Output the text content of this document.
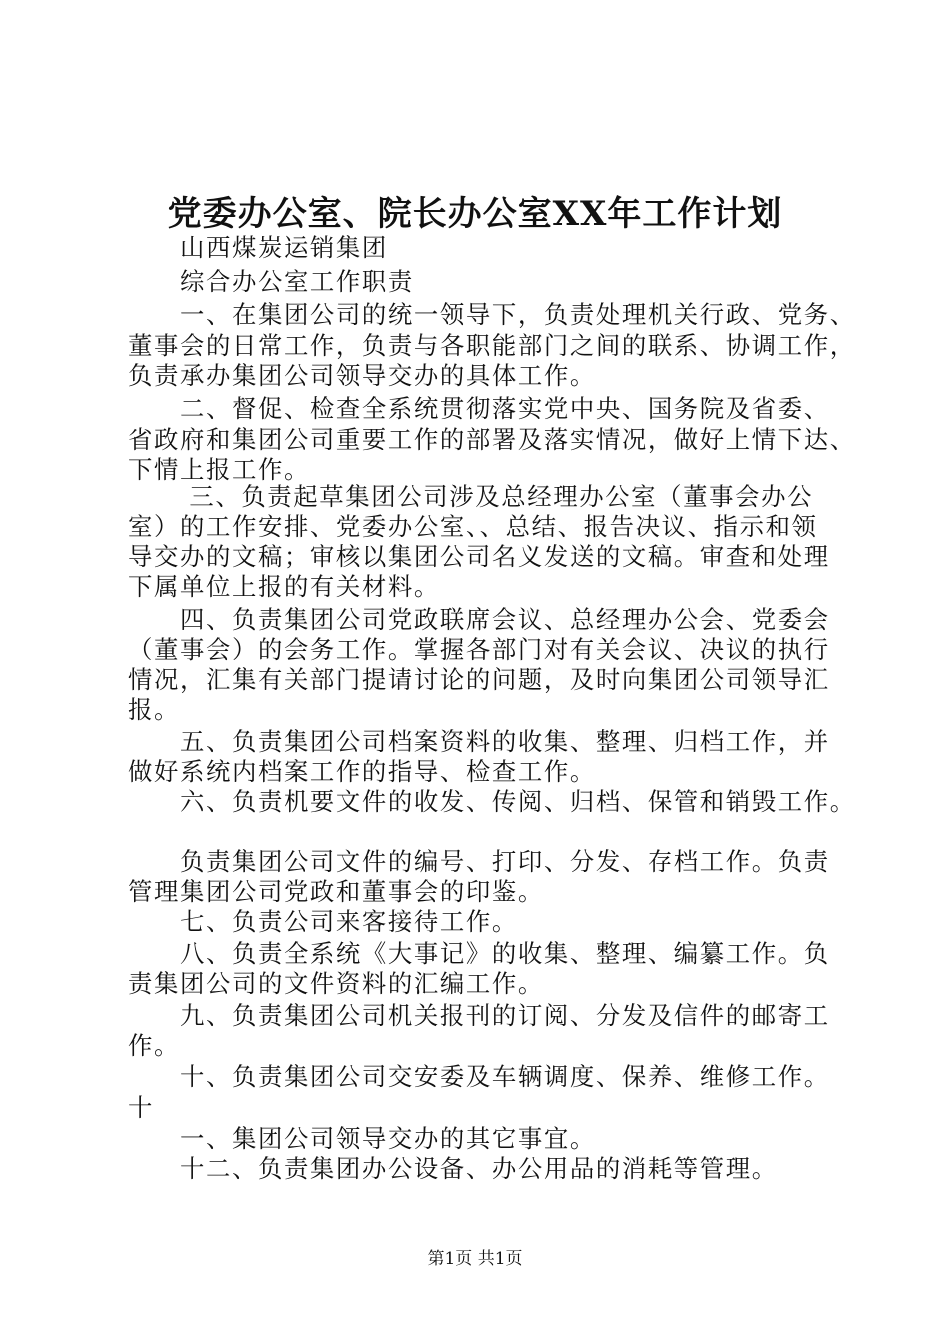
党委办公室、院长办公室XX年工作计划
　　山西煤炭运销集团
　　综合办公室工作职责
　　一、在集团公司的统一领导下，负责处理机关行政、党务、
董事会的日常工作，负责与各职能部门之间的联系、协调工作，
负责承办集团公司领导交办的具体工作。
　　二、督促、检查全系统贯彻落实党中央、国务院及省委、
省政府和集团公司重要工作的部署及落实情况，做好上情下达、
下情上报工作。
　　 三、负责起草集团公司涉及总经理办公室（董事会办公
室）的工作安排、党委办公室、、总结、报告决议、指示和领
导交办的文稿；审核以集团公司名义发送的文稿。审查和处理
下属单位上报的有关材料。
　　四、负责集团公司党政联席会议、总经理办公会、党委会
（董事会）的会务工作。掌握各部门对有关会议、决议的执行
情况，汇集有关部门提请讨论的问题，及时向集团公司领导汇
报。
　　五、负责集团公司档案资料的收集、整理、归档工作，并
做好系统内档案工作的指导、检查工作。
　　六、负责机要文件的收发、传阅、归档、保管和销毁工作。
　　负责集团公司文件的编号、打印、分发、存档工作。负责
管理集团公司党政和董事会的印鉴。
　　七、负责公司来客接待工作。
　　八、负责全系统《大事记》的收集、整理、编纂工作。负
责集团公司的文件资料的汇编工作。
　　九、负责集团公司机关报刊的订阅、分发及信件的邮寄工
作。
　　十、负责集团公司交安委及车辆调度、保养、维修工作。
十
　　一、集团公司领导交办的其它事宜。
　　十二、负责集团办公设备、办公用品的消耗等管理。
第1页 共1页
